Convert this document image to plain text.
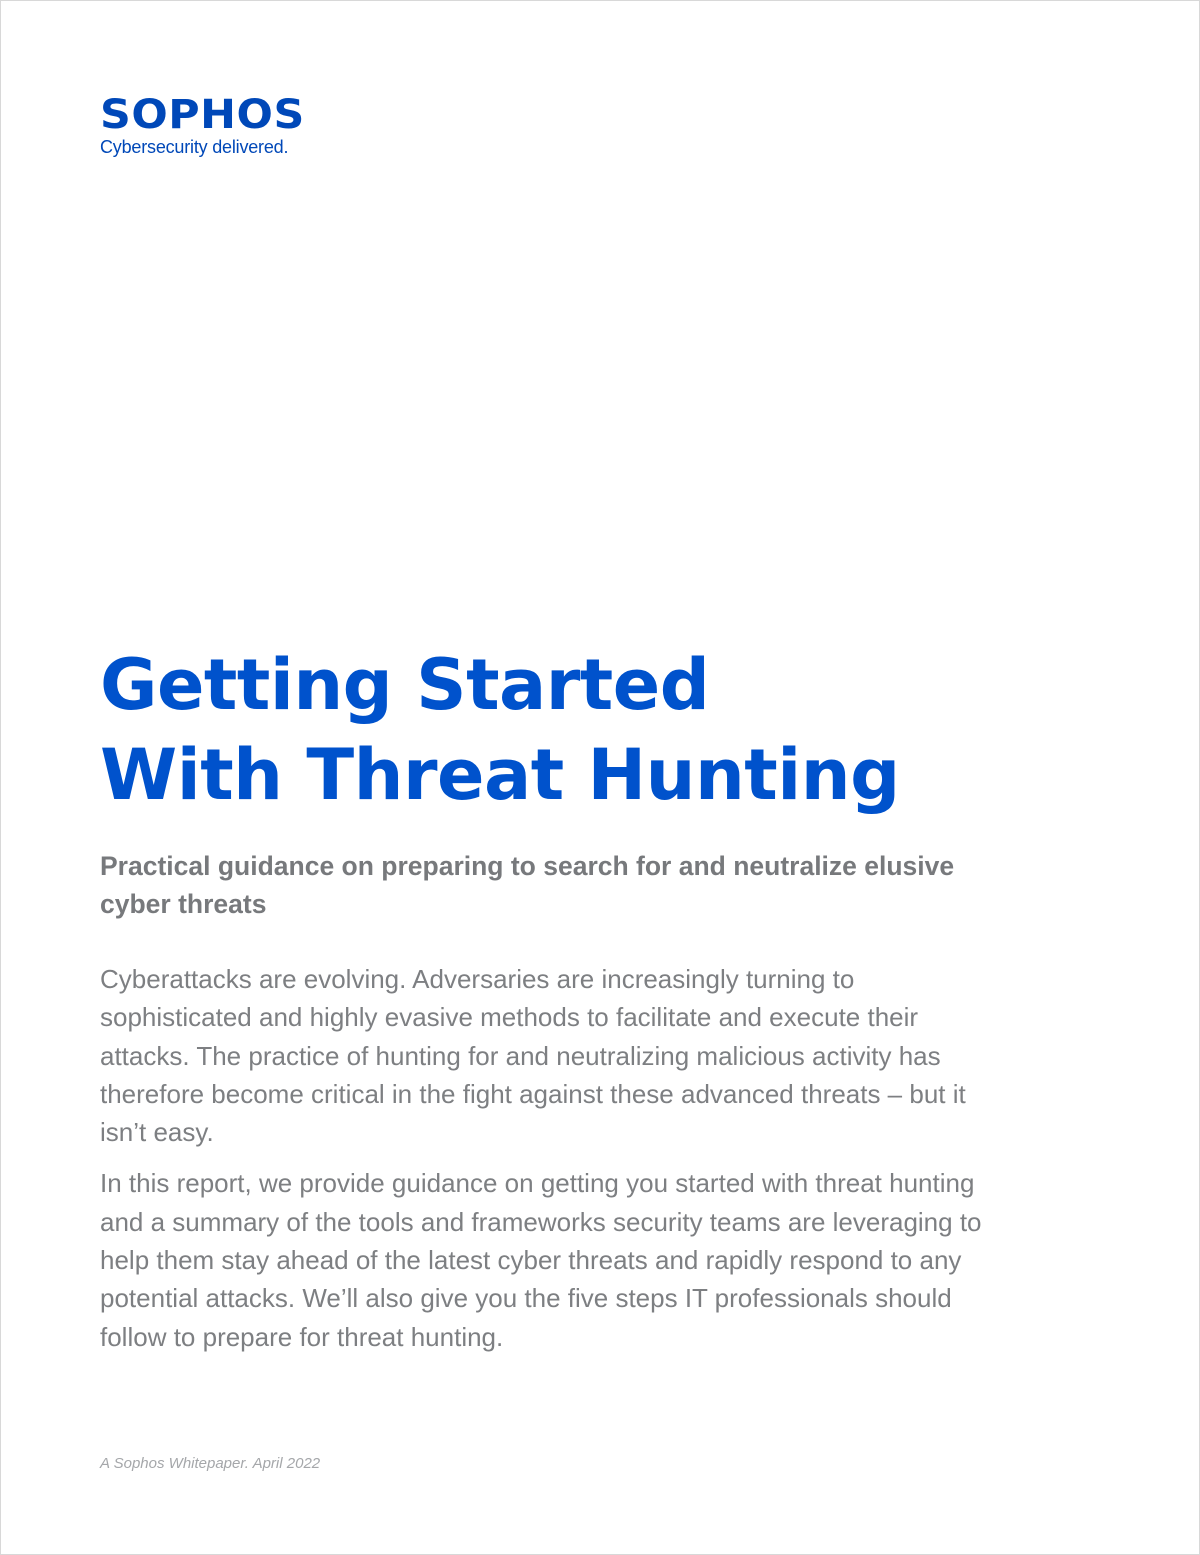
SOPHOS
Cybersecurity delivered.
Getting Started
With Threat Hunting

Practical guidance on preparing to search for and neutralize elusive cyber threats

Cyberattacks are evolving. Adversaries are increasingly turning to sophisticated and highly evasive methods to facilitate and execute their attacks. The practice of hunting for and neutralizing malicious activity has therefore become critical in the fight against these advanced threats – but it isn’t easy.

In this report, we provide guidance on getting you started with threat hunting and a summary of the tools and frameworks security teams are leveraging to help them stay ahead of the latest cyber threats and rapidly respond to any potential attacks. We’ll also give you the five steps IT professionals should follow to prepare for threat hunting.

A Sophos Whitepaper. April 2022
